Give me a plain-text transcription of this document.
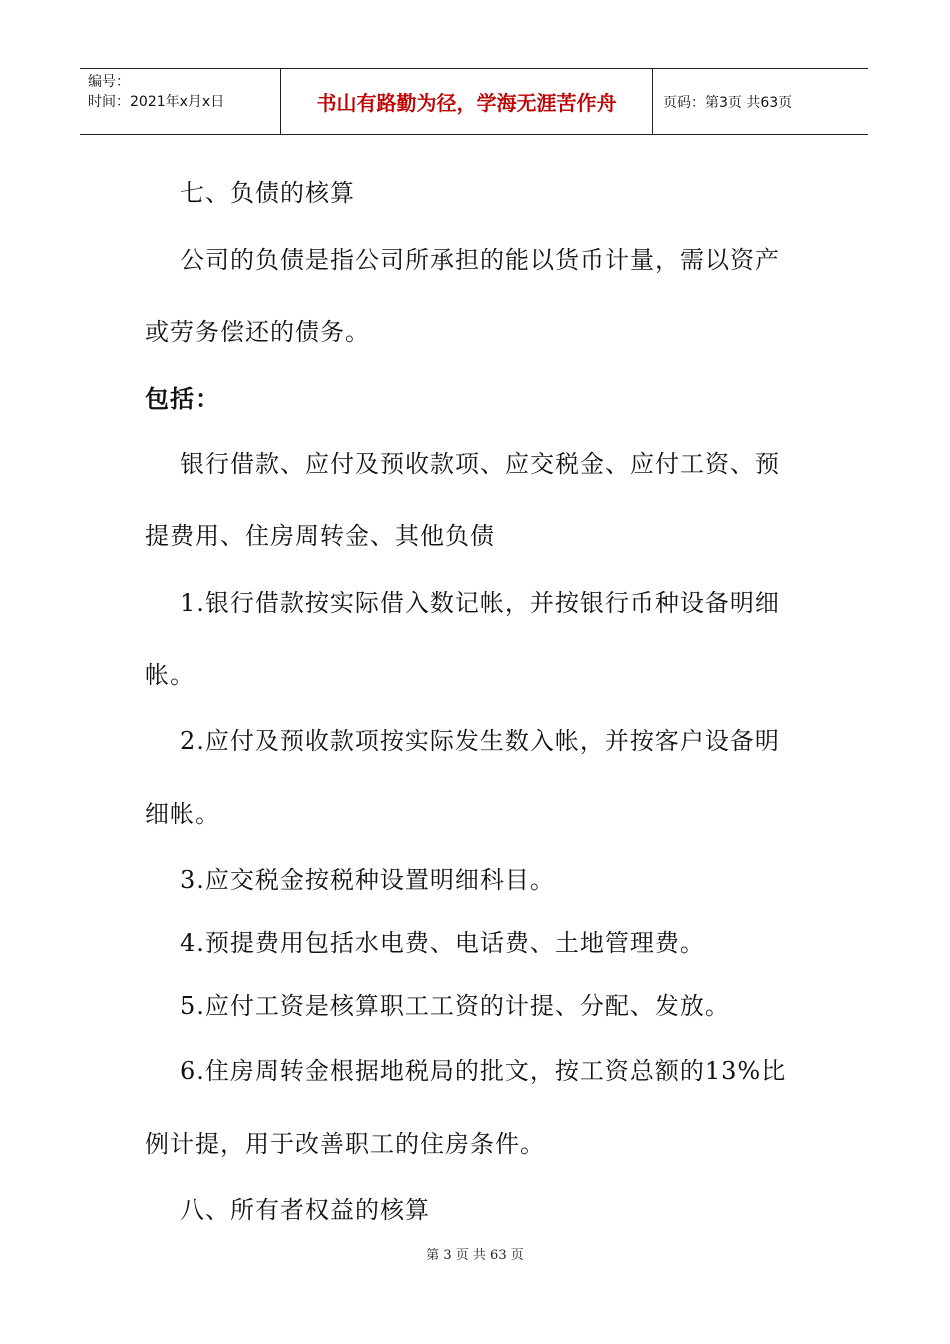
编号：
时间：2021年x月x日	书山有路勤为径，学海无涯苦作舟	页码：第3页 共63页
七、负债的核算
公司的负债是指公司所承担的能以货币计量，需以资产
或劳务偿还的债务。
包括：
银行借款、应付及预收款项、应交税金、应付工资、预
提费用、住房周转金、其他负债
1.银行借款按实际借入数记帐，并按银行币种设备明细
帐。
2.应付及预收款项按实际发生数入帐，并按客户设备明
细帐。
3.应交税金按税种设置明细科目。
4.预提费用包括水电费、电话费、土地管理费。
5.应付工资是核算职工工资的计提、分配、发放。
6.住房周转金根据地税局的批文，按工资总额的13%比
例计提，用于改善职工的住房条件。
八、所有者权益的核算
第 3 页 共 63 页
